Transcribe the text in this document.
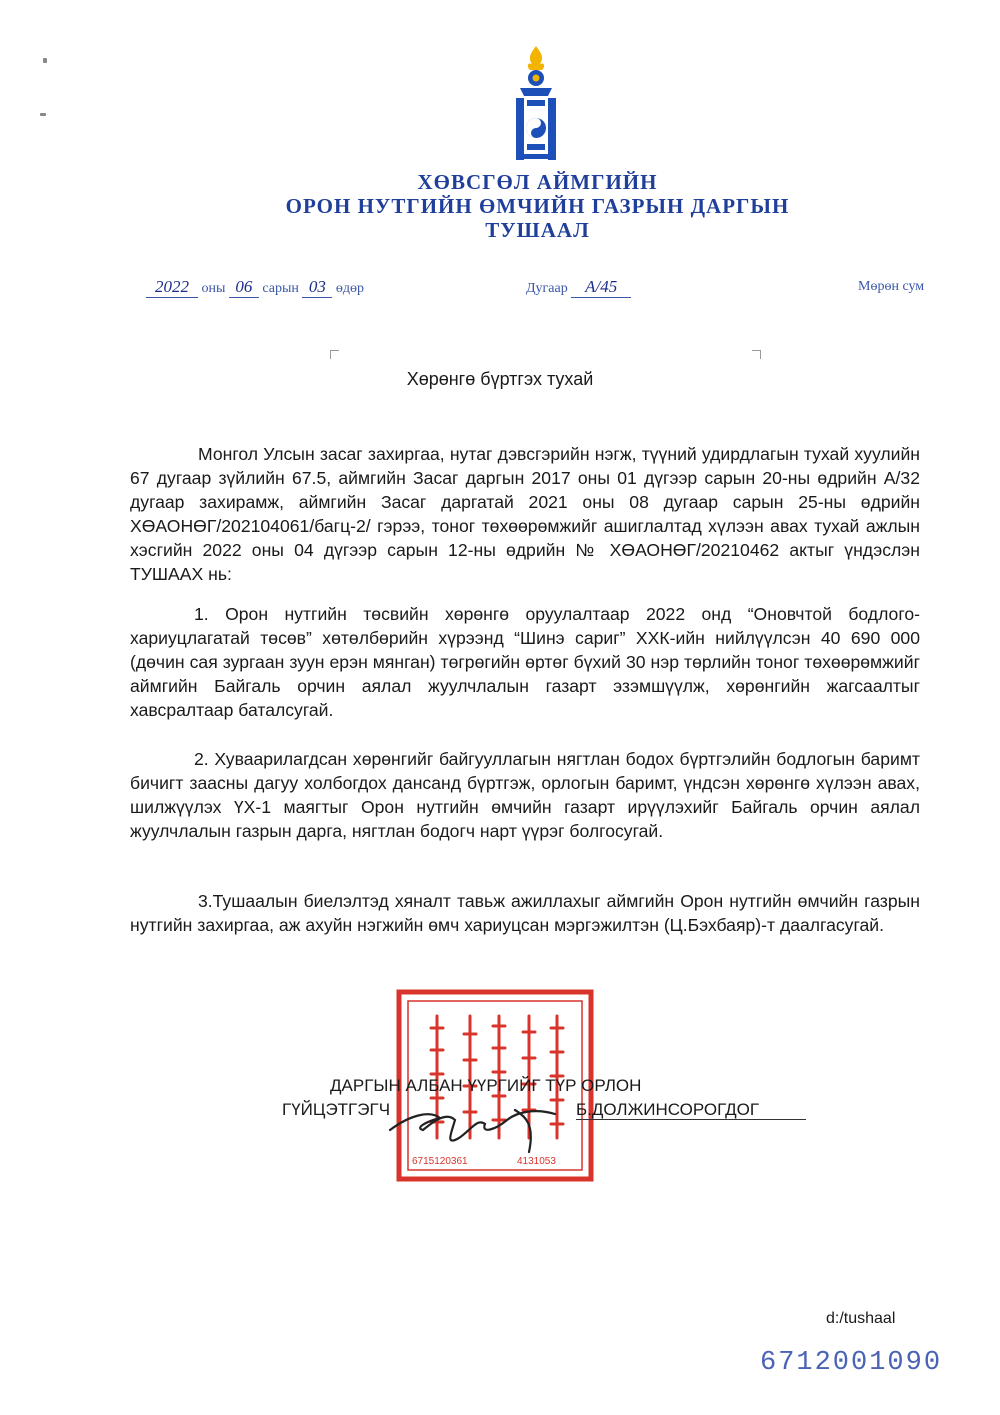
ХӨВСГӨЛ АЙМГИЙН
ОРОН НУТГИЙН ӨМЧИЙН ГАЗРЫН ДАРГЫН
ТУШААЛ
2022 оны 06 сарын 03 өдөр	Дугаар A/45	Мөрөн сум
Хөрөнгө бүртгэх тухай
Монгол Улсын засаг захиргаа, нутаг дэвсгэрийн нэгж, түүний удирдлагын тухай хуулийн 67 дугаар зүйлийн 67.5, аймгийн Засаг даргын 2017 оны 01 дүгээр сарын 20-ны өдрийн А/32 дугаар захирамж, аймгийн Засаг даргатай 2021 оны 08 дугаар сарын 25-ны өдрийн ХӨАОНӨГ/202104061/багц-2/ гэрээ, тоног төхөөрөмжийг ашиглалтад хүлээн авах тухай ажлын хэсгийн 2022 оны 04 дүгээр сарын 12-ны өдрийн № ХӨАОНӨГ/20210462 актыг үндэслэн ТУШААХ нь:
1. Орон нутгийн төсвийн хөрөнгө оруулалтаар 2022 онд “Оновчтой бодлого-хариуцлагатай төсөв” хөтөлбөрийн хүрээнд “Шинэ сариг” ХХК-ийн нийлүүлсэн 40 690 000 (дөчин сая зургаан зуун ерэн мянган) төгрөгийн өртөг бүхий 30 нэр төрлийн тоног төхөөрөмжийг аймгийн Байгаль орчин аялал жуулчлалын газарт эзэмшүүлж, хөрөнгийн жагсаалтыг хавсралтаар баталсугай.
2. Хуваарилагдсан хөрөнгийг байгууллагын нягтлан бодох бүртгэлийн бодлогын баримт бичигт заасны дагуу холбогдох дансанд бүртгэж, орлогын баримт, үндсэн хөрөнгө хүлээн авах, шилжүүлэх ҮХ-1 маягтыг Орон нутгийн өмчийн газарт ирүүлэхийг Байгаль орчин аялал жуулчлалын газрын дарга, нягтлан бодогч нарт үүрэг болгосугай.
3.Тушаалын биелэлтэд хяналт тавьж ажиллахыг аймгийн Орон нутгийн өмчийн газрын нутгийн захиргаа, аж ахуйн нэгжийн өмч хариуцсан мэргэжилтэн (Ц.Бэхбаяр)-т даалгасугай.
6715120361	4131053
ДАРГЫН АЛБАН ҮҮРГИЙГ ТҮР ОРЛОН
ГҮЙЦЭТГЭГЧ	Б.ДОЛЖИНСОРОГДОГ
d:/tushaal
6712001090
